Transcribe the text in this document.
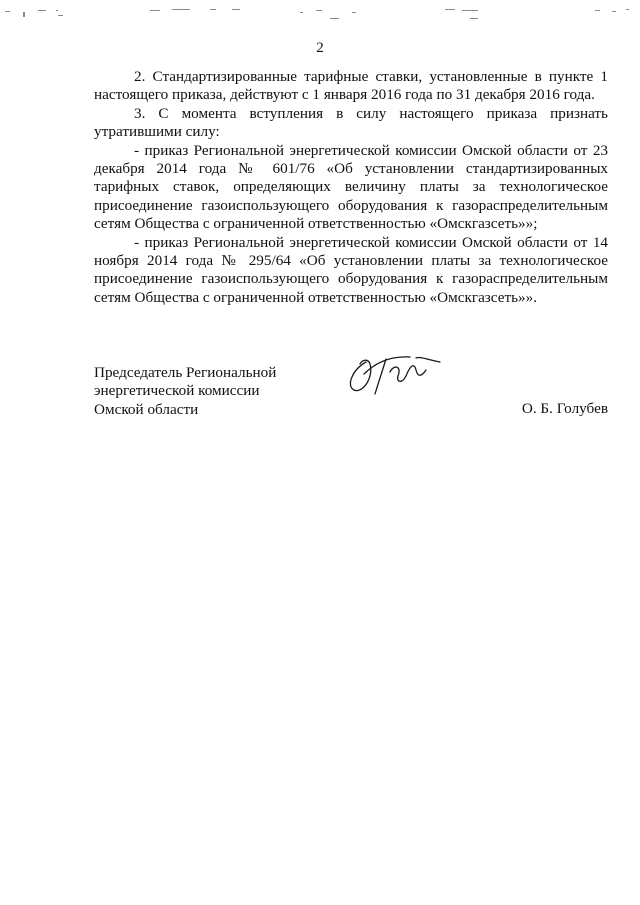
2

2. Стандартизированные тарифные ставки, установленные в пункте 1 настоящего приказа, действуют с 1 января 2016 года по 31 декабря 2016 года.

3. С момента вступления в силу настоящего приказа признать утратившими силу:

- приказ Региональной энергетической комиссии Омской области от 23 декабря 2014 года № 601/76 «Об установлении стандартизированных тарифных ставок, определяющих величину платы за технологическое присоединение газоиспользующего оборудования к газораспределительным сетям Общества с ограниченной ответственностью «Омскгазсеть»»;

- приказ Региональной энергетической комиссии Омской области от 14 ноября 2014 года № 295/64 «Об установлении платы за технологическое присоединение газоиспользующего оборудования к газораспределительным сетям Общества с ограниченной ответственностью «Омскгазсеть»».

Председатель Региональной
энергетической комиссии
Омской области	О. Б. Голубев
